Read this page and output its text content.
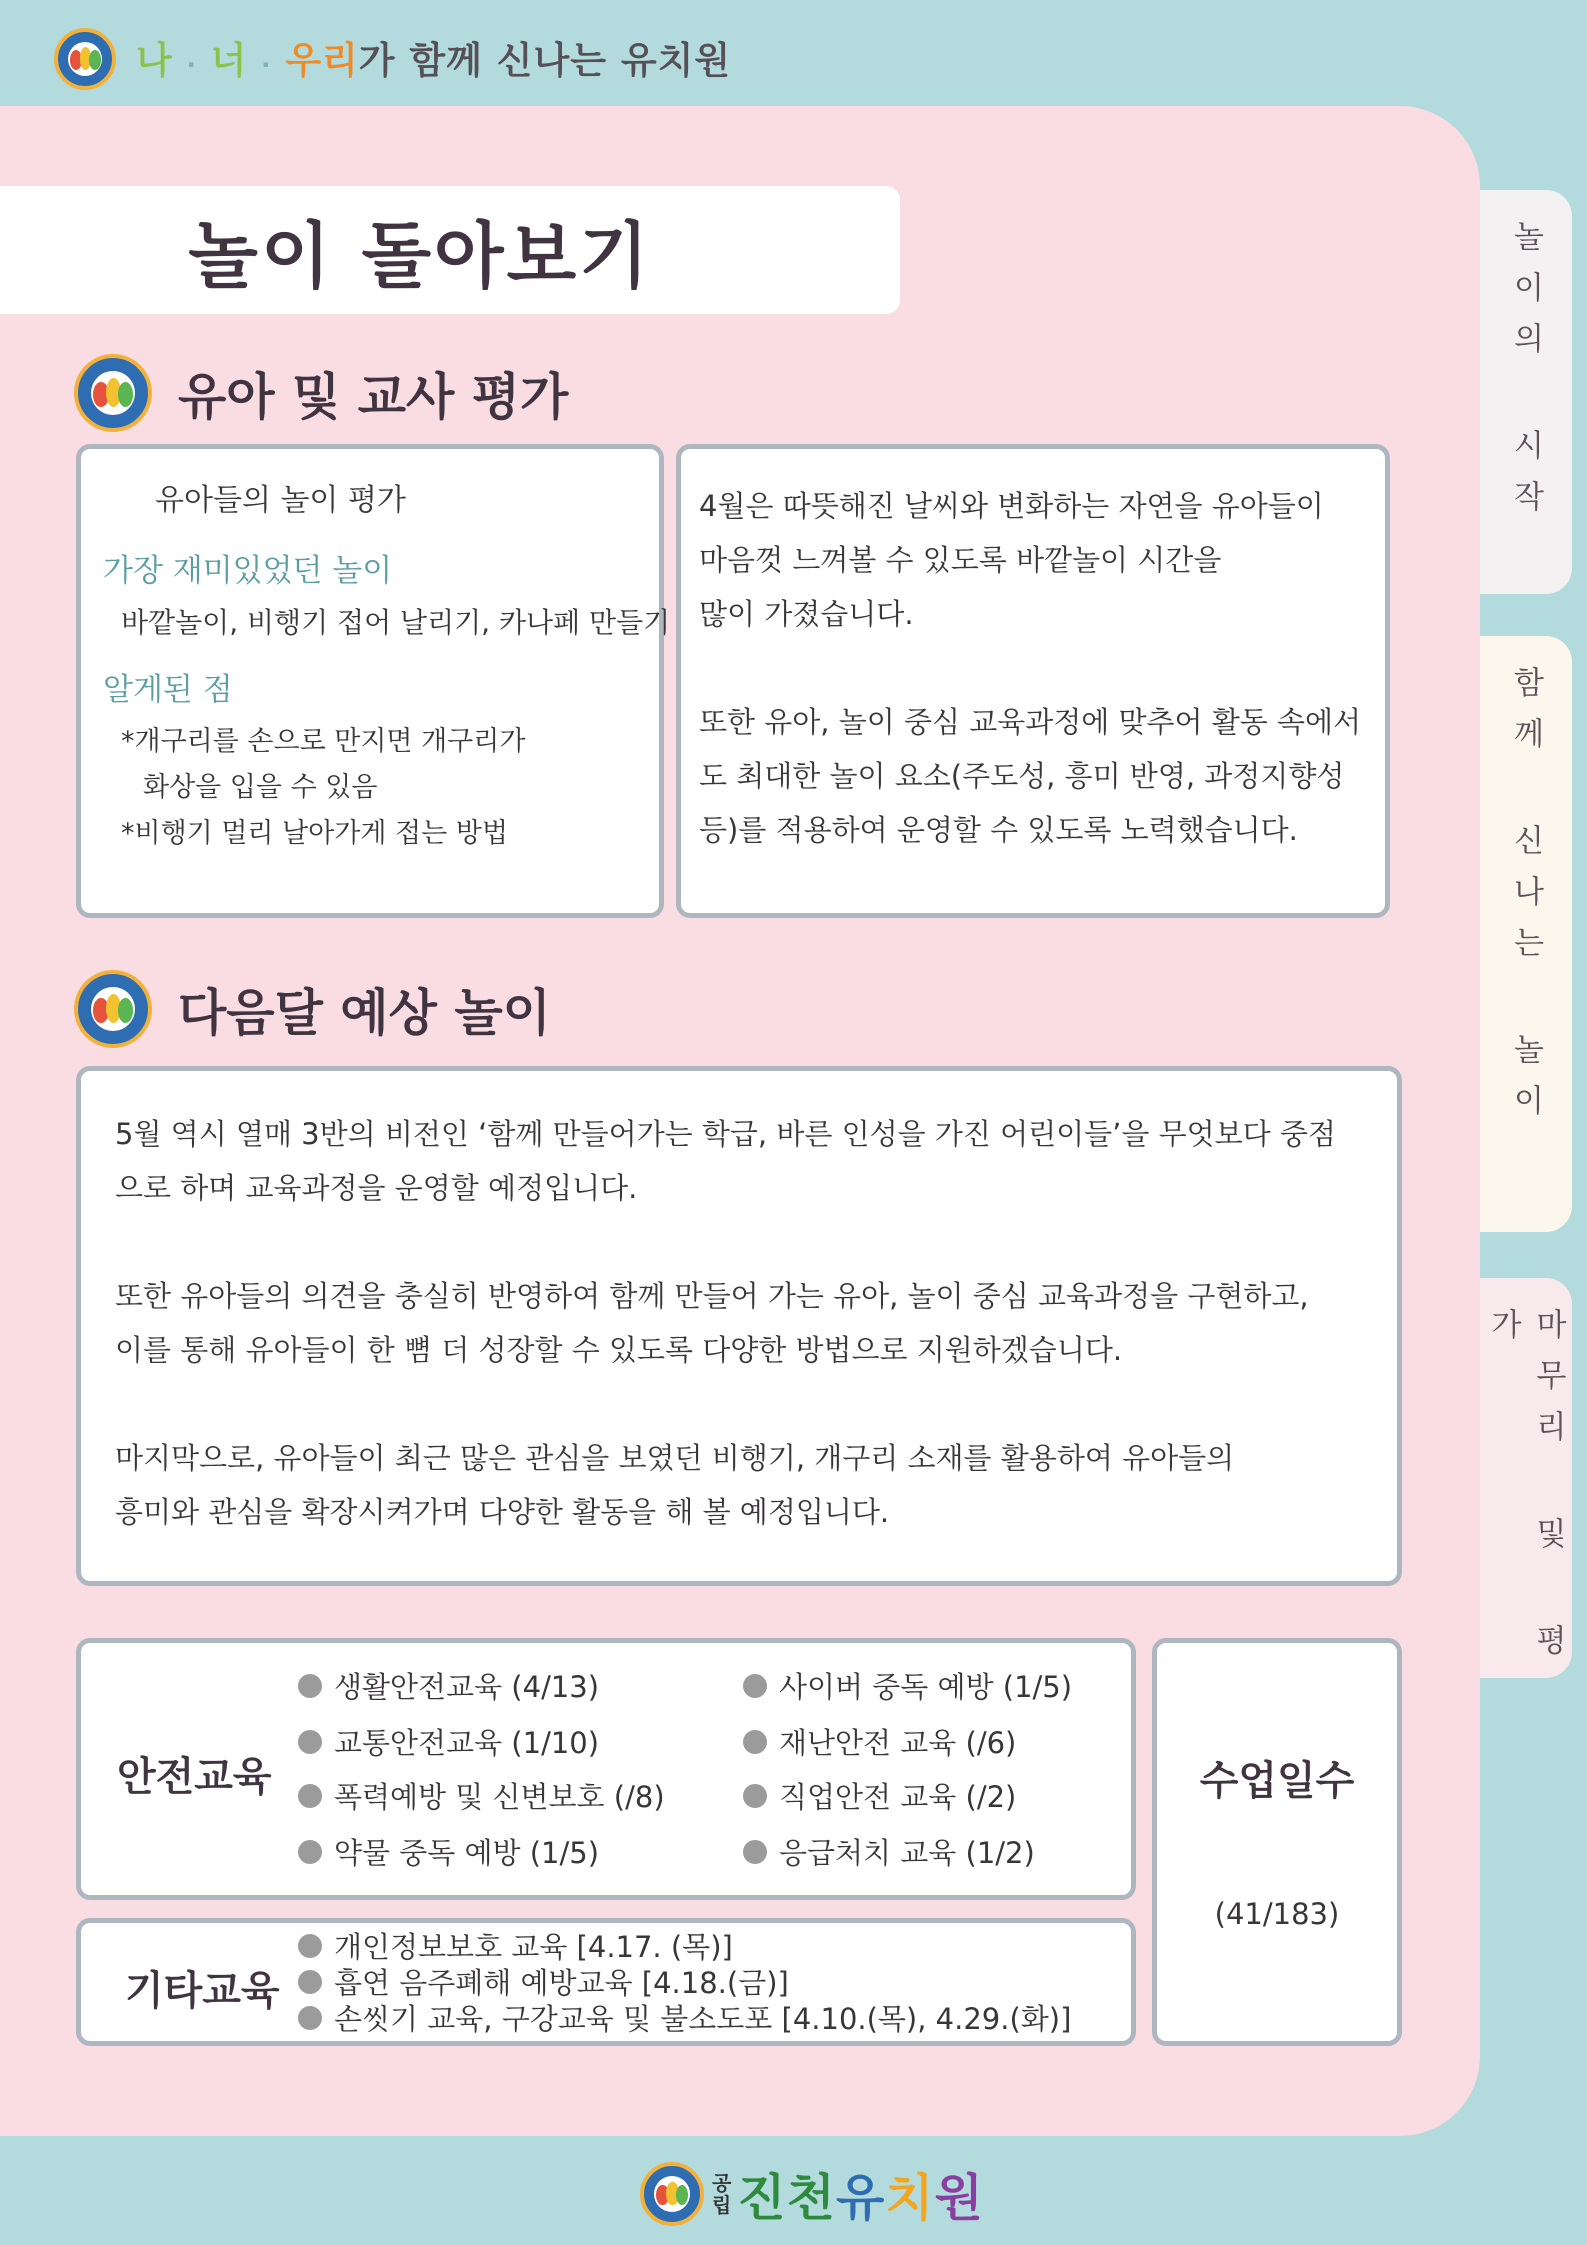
나 · 너 · 우리가 함께 신나는 유치원
놀이의 시작
함께 신나는 놀이
마무리 및 평가
놀이 돌아보기
유아 및 교사 평가
유아들의 놀이 평가
가장 재미있었던 놀이
바깥놀이, 비행기 접어 날리기, 카나페 만들기
알게된 점
*개구리를 손으로 만지면 개구리가
화상을 입을 수 있음
*비행기 멀리 날아가게 접는 방법
4월은 따뜻해진 날씨와 변화하는 자연을 유아들이
마음껏 느껴볼 수 있도록 바깥놀이 시간을
많이 가졌습니다.

또한 유아, 놀이 중심 교육과정에 맞추어 활동 속에서
도 최대한 놀이 요소(주도성, 흥미 반영, 과정지향성
등)를 적용하여 운영할 수 있도록 노력했습니다.
다음달 예상 놀이
5월 역시 열매 3반의 비전인 ‘함께 만들어가는 학급, 바른 인성을 가진 어린이들’을 무엇보다 중점
으로 하며 교육과정을 운영할 예정입니다.

또한 유아들의 의견을 충실히 반영하여 함께 만들어 가는 유아, 놀이 중심 교육과정을 구현하고,
이를 통해 유아들이 한 뼘 더 성장할 수 있도록 다양한 방법으로 지원하겠습니다.

마지막으로, 유아들이 최근 많은 관심을 보였던 비행기, 개구리 소재를 활용하여 유아들의
흥미와 관심을 확장시켜가며 다양한 활동을 해 볼 예정입니다.
안전교육
생활안전교육 (4/13)
교통안전교육 (1/10)
폭력예방 및 신변보호 (/8)
약물 중독 예방 (1/5)
사이버 중독 예방 (1/5)
재난안전 교육 (/6)
직업안전 교육 (/2)
응급처치 교육 (1/2)
기타교육
개인정보보호 교육 [4.17. (목)]
흡연 음주폐해 예방교육 [4.18.(금)]
손씻기 교육, 구강교육 및 불소도포 [4.10.(목), 4.29.(화)]
수업일수
(41/183)
공
립 진천유치원
